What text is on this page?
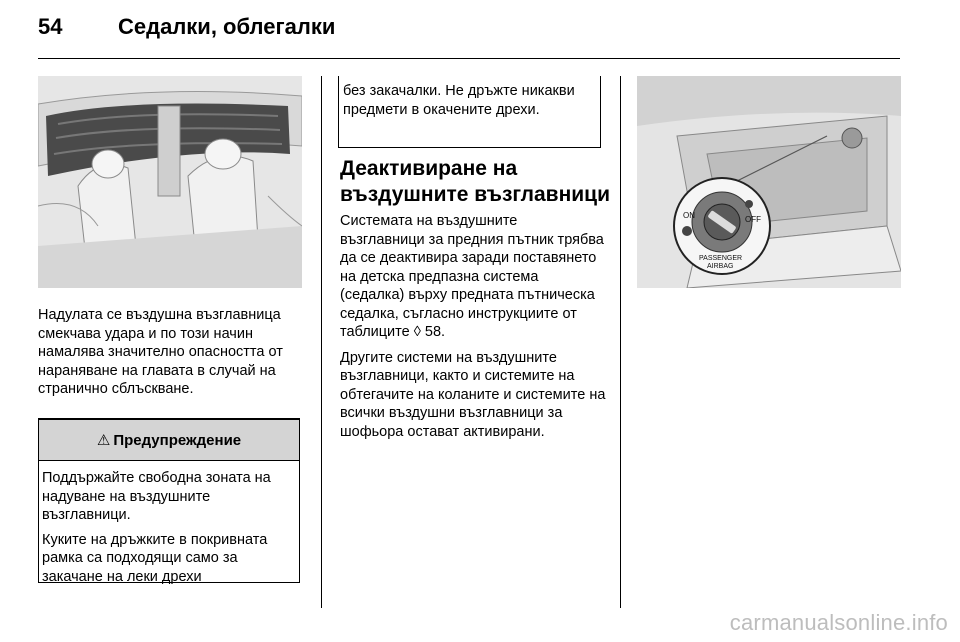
54	Седалки, облегалки

Надулата се въздушна възглавница смекчава удара и по този начин намалява значително опасността от нараняване на главата в случай на странично сблъскване.

⚠ Предупреждение

Поддържайте свободна зоната на надуване на въздушните възглавници.

Куките на дръжките в покривната рамка са подходящи само за закачане на леки дрехи

без закачалки. Не дръжте никакви предмети в окачените дрехи.
Деактивиране на въздушните възглавници

Системата на въздушните възглавници за предния пътник трябва да се деактивира заради поставянето на детска предпазна система (седалка) върху предната пътническа седалка, съгласно инструкциите от таблиците ◊ 58.

Другите системи на въздушните възглавници, както и системите на обтегачите на коланите и системите на всички въздушни възглавници за шофьора остават активирани.

ON	OFF
PASSENGER
AIRBAG
carmanualsonline.info
